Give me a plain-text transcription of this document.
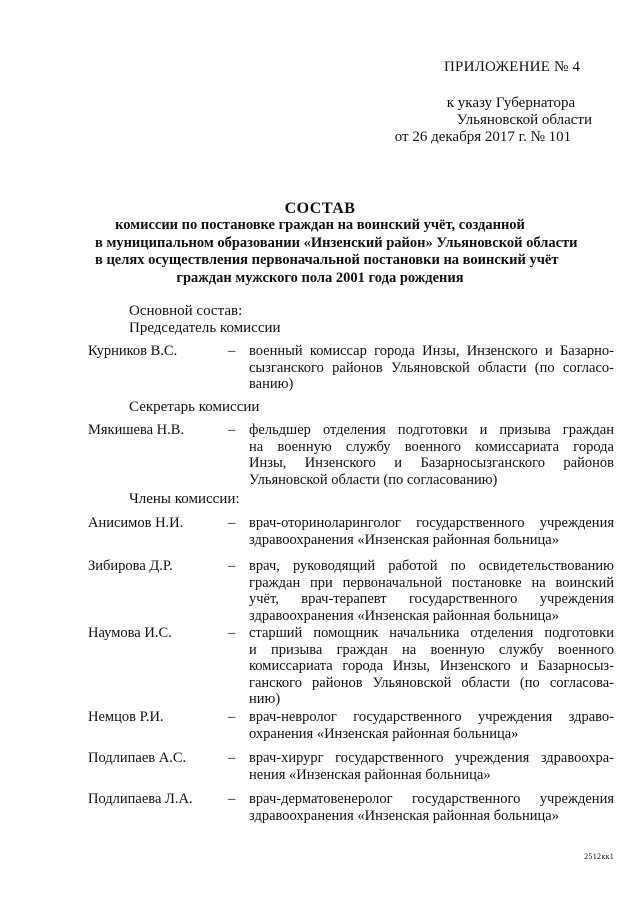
ПРИЛОЖЕНИЕ № 4
к указу Губернатора
Ульяновской области
от 26 декабря 2017 г. № 101
СОСТАВ
комиссии по постановке граждан на воинский учёт, созданной
в муниципальном образовании «Инзенский район» Ульяновской области
в целях осуществления первоначальной постановки на воинский учёт
граждан мужского пола 2001 года рождения
Основной состав:
Председатель комиссии
Курников В.С.	– военный комиссар города Инзы, Инзенского и Базарно-
сызганского районов Ульяновской области (по согласо-
ванию)
Секретарь комиссии
Мякишева Н.В.	– фельдшер отделения подготовки и призыва граждан
на военную службу военного комиссариата города
Инзы, Инзенского и Базарносызганского районов
Ульяновской области (по согласованию)
Члены комиссии:
Анисимов Н.И.	– врач-оториноларинголог государственного учреждения
здравоохранения «Инзенская районная больница»
Зибирова Д.Р.	– врач, руководящий работой по освидетельствованию
граждан при первоначальной постановке на воинский
учёт, врач-терапевт государственного учреждения
здравоохранения «Инзенская районная больница»
Наумова И.С.	– старший помощник начальника отделения подготовки
и призыва граждан на военную службу военного
комиссариата города Инзы, Инзенского и Базарносыз-
ганского районов Ульяновской области (по согласова-
нию)
Немцов Р.И.	– врач-невролог государственного учреждения здраво-
охранения «Инзенская районная больница»
Подлипаев А.С.	– врач-хирург государственного учреждения здравоохра-
нения «Инзенская районная больница»
Подлипаева Л.А. – врач-дерматовенеролог государственного учреждения
здравоохранения «Инзенская районная больница»
2512кк1
